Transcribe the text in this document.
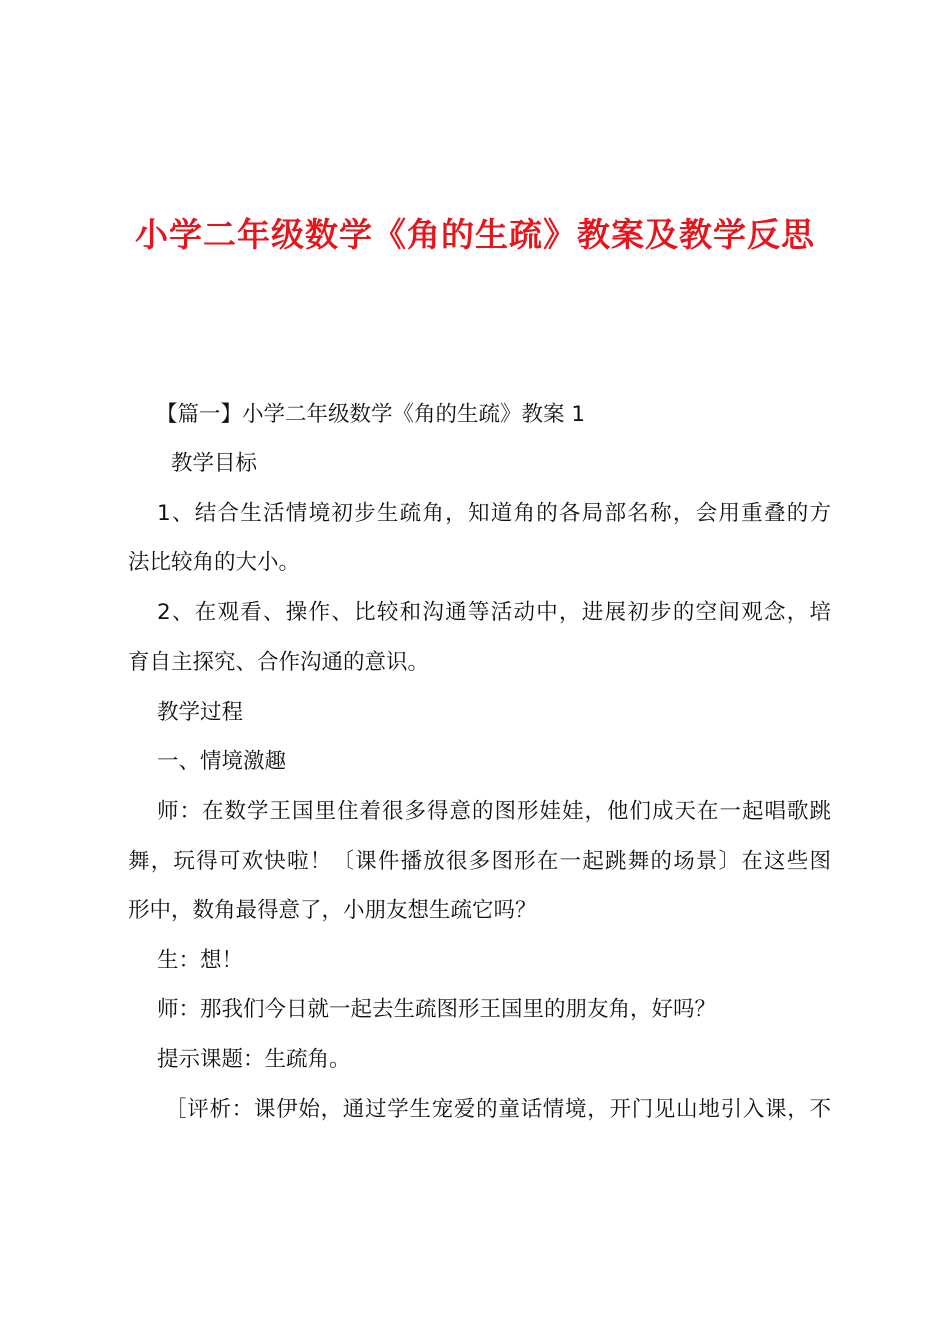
小学二年级数学《角的生疏》教案及教学反思

【篇一】小学二年级数学《角的生疏》教案 1

教学目标

1、结合生活情境初步生疏角，知道角的各局部名称，会用重叠的方

法比较角的大小。

2、在观看、操作、比较和沟通等活动中，进展初步的空间观念，培

育自主探究、合作沟通的意识。

教学过程

一、情境激趣

师：在数学王国里住着很多得意的图形娃娃，他们成天在一起唱歌跳

舞，玩得可欢快啦！〔课件播放很多图形在一起跳舞的场景〕在这些图

形中，数角最得意了，小朋友想生疏它吗？

生：想！

师：那我们今日就一起去生疏图形王国里的朋友角，好吗？

提示课题：生疏角。

［评析：课伊始，通过学生宠爱的童话情境，开门见山地引入课，不
